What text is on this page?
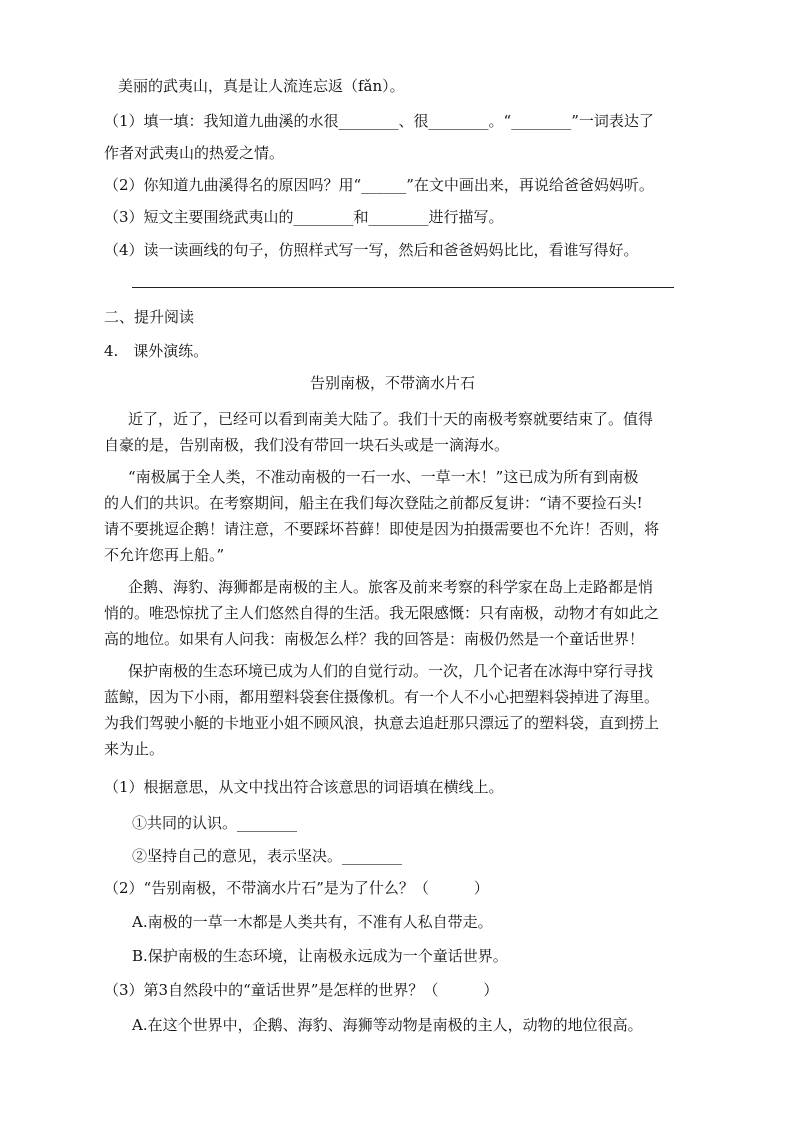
美丽的武夷山，真是让人流连忘返（fǎn）。
（1）填一填：我知道九曲溪的水很________、很________。“________”一词表达了
作者对武夷山的热爱之情。
（2）你知道九曲溪得名的原因吗？用“______”在文中画出来，再说给爸爸妈妈听。
（3）短文主要围绕武夷山的________和________进行描写。
（4）读一读画线的句子，仿照样式写一写，然后和爸爸妈妈比比，看谁写得好。
二、提升阅读
4.　课外演练。
告别南极，不带滴水片石
近了，近了，已经可以看到南美大陆了。我们十天的南极考察就要结束了。值得
自豪的是，告别南极，我们没有带回一块石头或是一滴海水。
“南极属于全人类，不准动南极的一石一水、一草一木！”这已成为所有到南极
的人们的共识。在考察期间，船主在我们每次登陆之前都反复讲：“请不要捡石头!
请不要挑逗企鹅！请注意，不要踩坏苔藓！即使是因为拍摄需要也不允许！否则，将
不允许您再上船。”
企鹅、海豹、海狮都是南极的主人。旅客及前来考察的科学家在岛上走路都是悄
悄的。唯恐惊扰了主人们悠然自得的生活。我无限感慨：只有南极，动物才有如此之
高的地位。如果有人问我：南极怎么样？我的回答是：南极仍然是一个童话世界！
保护南极的生态环境已成为人们的自觉行动。一次，几个记者在冰海中穿行寻找
蓝鲸，因为下小雨，都用塑料袋套住摄像机。有一个人不小心把塑料袋掉进了海里。
为我们驾驶小艇的卡地亚小姐不顾风浪，执意去追赶那只漂远了的塑料袋，直到捞上
来为止。
（1）根据意思，从文中找出符合该意思的词语填在横线上。
①共同的认识。________
②坚持自己的意见，表示坚决。________
（2）“告别南极，不带滴水片石”是为了什么？（　　　）
A.南极的一草一木都是人类共有，不准有人私自带走。
B.保护南极的生态环境，让南极永远成为一个童话世界。
（3）第3自然段中的“童话世界”是怎样的世界？（　　　）
A.在这个世界中，企鹅、海豹、海狮等动物是南极的主人，动物的地位很高。
